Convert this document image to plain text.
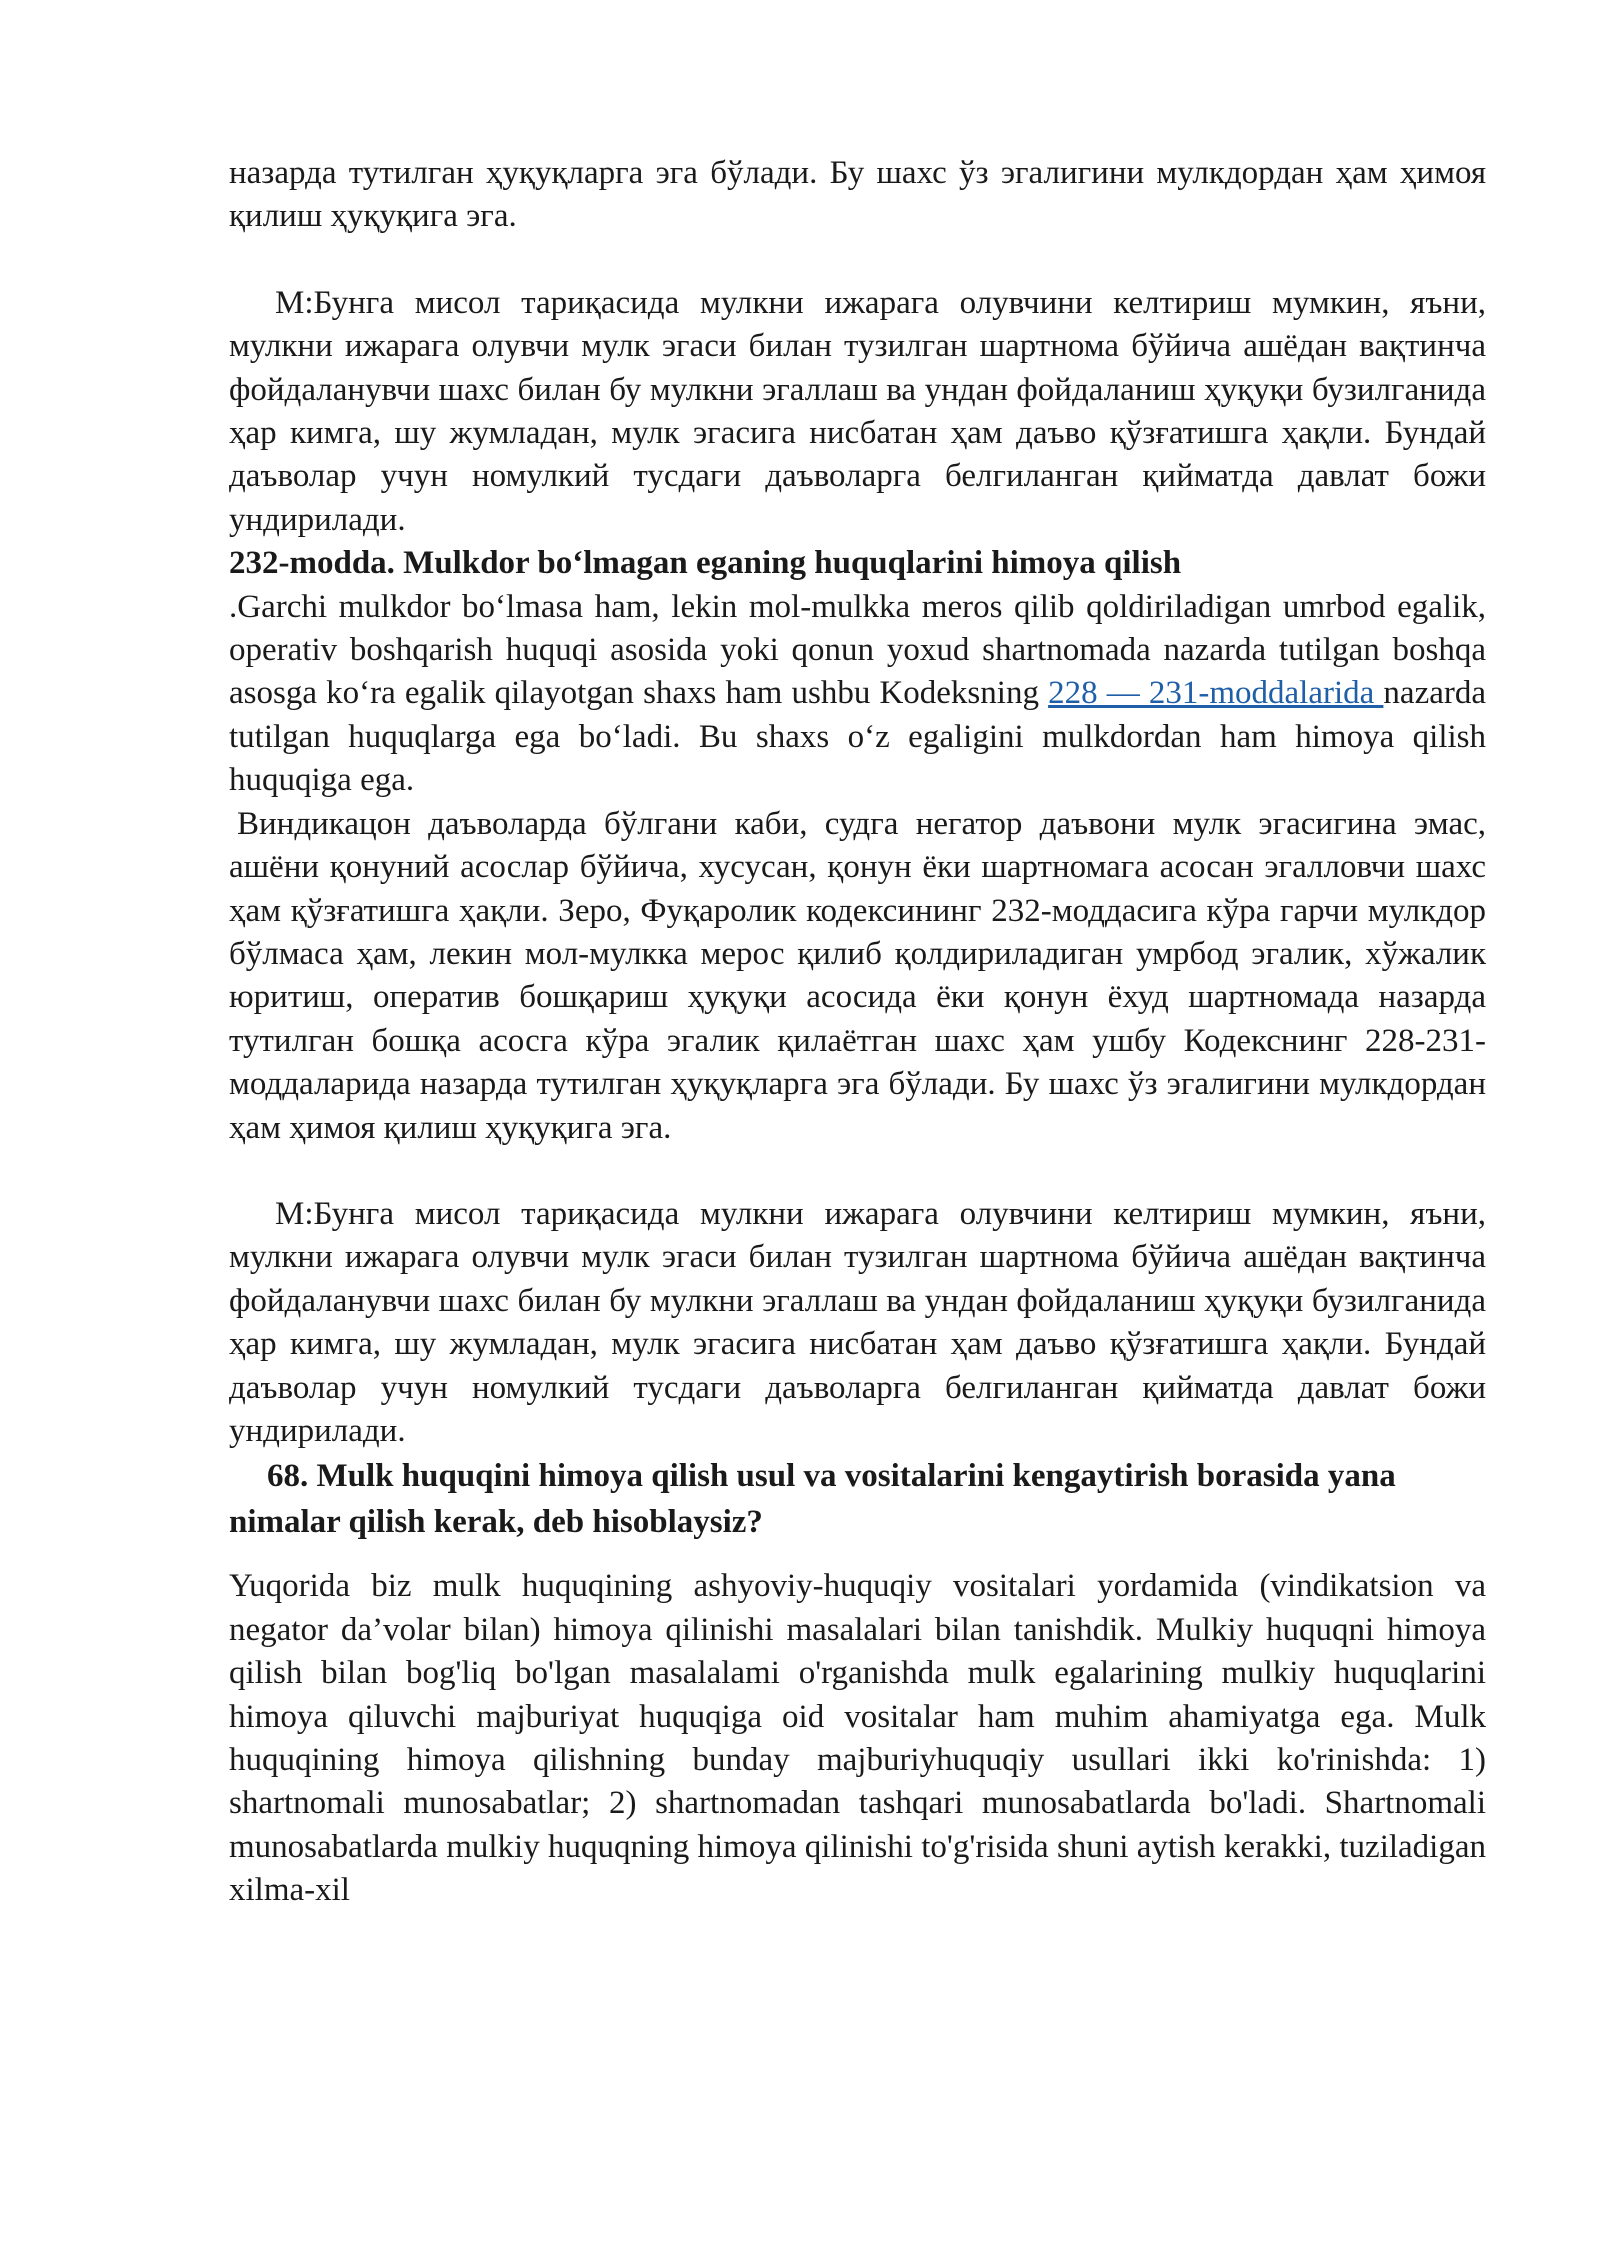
назарда тутилган ҳуқуқларга эга бўлади. Бу шахс ўз эгалигини мулкдордан ҳам ҳимоя қилиш ҳуқуқига эга.

М:Бунга мисол тариқасида мулкни ижарага олувчини келтириш мумкин, яъни, мулкни ижарага олувчи мулк эгаси билан тузилган шартнома бўйича ашёдан вақтинча фойдаланувчи шахс билан бу мулкни эгаллаш ва ундан фойдаланиш ҳуқуқи бузилганида ҳар кимга, шу жумладан, мулк эгасига нисбатан ҳам даъво қўзғатишга ҳақли. Бундай даъволар учун номулкий тусдаги даъволарга белгиланган қийматда давлат божи ундирилади.

232-modda. Mulkdor bo‘lmagan eganing huquqlarini himoya qilish

.Garchi mulkdor bo‘lmasa ham, lekin mol-mulkka meros qilib qoldiriladigan umrbod egalik, operativ boshqarish huquqi asosida yoki qonun yoxud shartnomada nazarda tutilgan boshqa asosga ko‘ra egalik qilayotgan shaxs ham ushbu Kodeksning 228 — 231-moddalarida nazarda tutilgan huquqlarga ega bo‘ladi. Bu shaxs o‘z egaligini mulkdordan ham himoya qilish huquqiga ega.

Виндикацон даъволарда бўлгани каби, судга негатор даъвони мулк эгасигина эмас, ашёни қонуний асослар бўйича, хусусан, қонун ёки шартномага асосан эгалловчи шахс ҳам қўзғатишга ҳақли. Зеро, Фуқаролик кодексининг 232-моддасига кўра гарчи мулкдор бўлмаса ҳам, лекин мол-мулкка мерос қилиб қолдириладиган умрбод эгалик, хўжалик юритиш, оператив бошқариш ҳуқуқи асосида ёки қонун ёхуд шартномада назарда тутилган бошқа асосга кўра эгалик қилаётган шахс ҳам ушбу Кодекснинг 228-231-моддаларида назарда тутилган ҳуқуқларга эга бўлади. Бу шахс ўз эгалигини мулкдордан ҳам ҳимоя қилиш ҳуқуқига эга.

М:Бунга мисол тариқасида мулкни ижарага олувчини келтириш мумкин, яъни, мулкни ижарага олувчи мулк эгаси билан тузилган шартнома бўйича ашёдан вақтинча фойдаланувчи шахс билан бу мулкни эгаллаш ва ундан фойдаланиш ҳуқуқи бузилганида ҳар кимга, шу жумладан, мулк эгасига нисбатан ҳам даъво қўзғатишга ҳақли. Бундай даъволар учун номулкий тусдаги даъволарга белгиланган қийматда давлат божи ундирилади.

68. Mulk huquqini himoya qilish usul va vositalarini kengaytirish borasida yana nimalar qilish kerak, deb hisoblaysiz?

Yuqorida biz mulk huquqining ashyoviy-huquqiy vositalari yordamida (vindikatsion va negator da’volar bilan) himoya qilinishi masalalari bilan tanishdik. Mulkiy huquqni himoya qilish bilan bog'liq bo'lgan masalalami o'rganishda mulk egalarining mulkiy huquqlarini himoya qiluvchi majburiyat huquqiga oid vositalar ham muhim ahamiyatga ega. Mulk huquqining himoya qilishning bunday majburiyhuquqiy usullari ikki ko'rinishda: 1) shartnomali munosabatlar; 2) shartnomadan tashqari munosabatlarda bo'ladi. Shartnomali munosabatlarda mulkiy huquqning himoya qilinishi to'g'risida shuni aytish kerakki, tuziladigan xilma-xil
